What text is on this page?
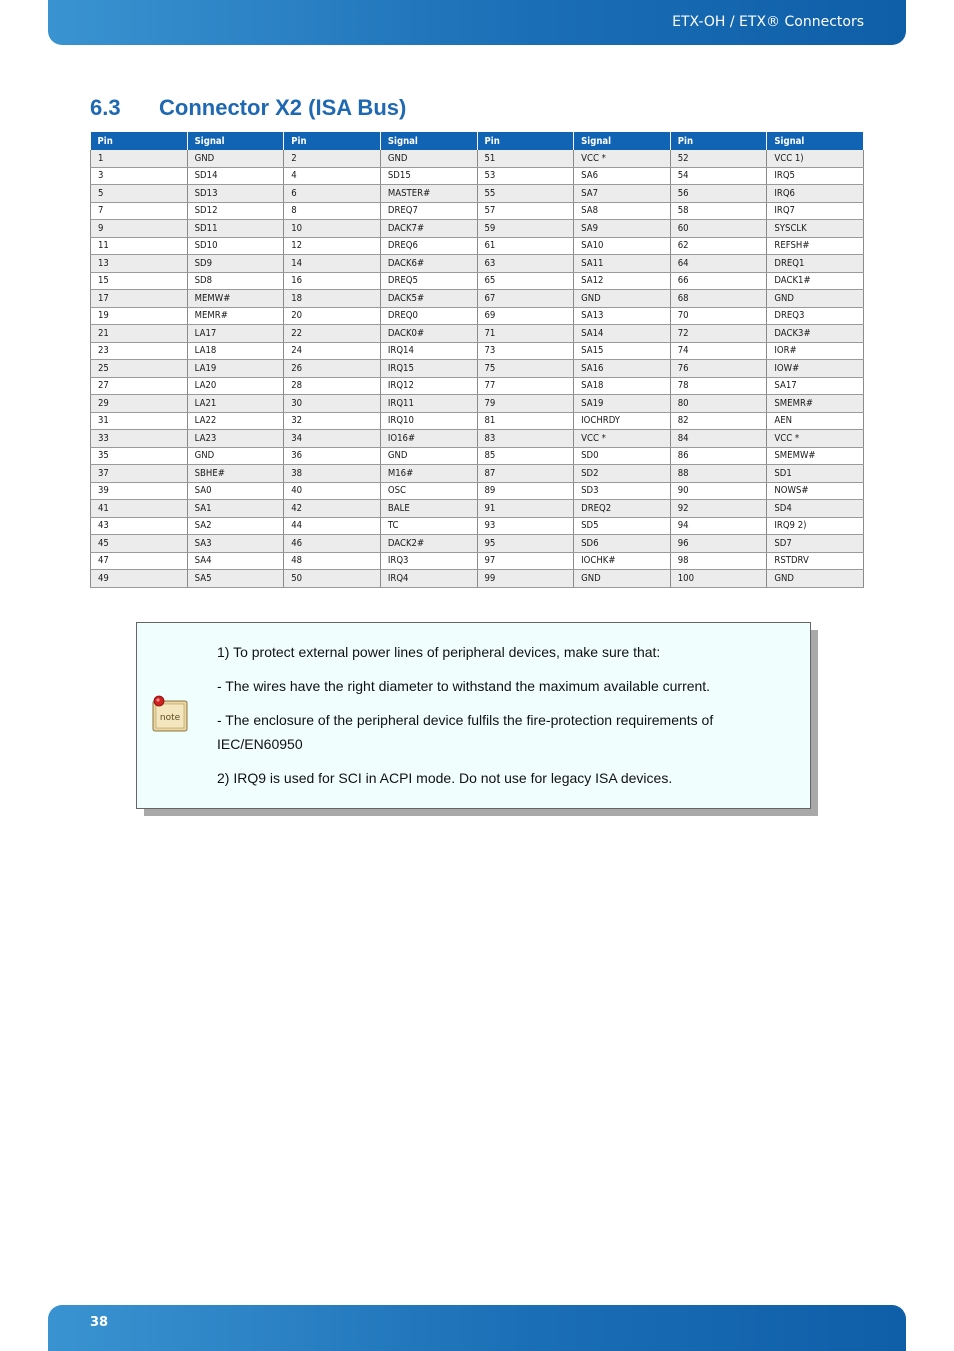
ETX-OH / ETX® Connectors
6.3 Connector X2 (ISA Bus)
Pin	Signal	Pin	Signal	Pin	Signal	Pin	Signal
1	GND	2	GND	51	VCC *	52	VCC 1)
3	SD14	4	SD15	53	SA6	54	IRQ5
5	SD13	6	MASTER#	55	SA7	56	IRQ6
7	SD12	8	DREQ7	57	SA8	58	IRQ7
9	SD11	10	DACK7#	59	SA9	60	SYSCLK
11	SD10	12	DREQ6	61	SA10	62	REFSH#
13	SD9	14	DACK6#	63	SA11	64	DREQ1
15	SD8	16	DREQ5	65	SA12	66	DACK1#
17	MEMW#	18	DACK5#	67	GND	68	GND
19	MEMR#	20	DREQ0	69	SA13	70	DREQ3
21	LA17	22	DACK0#	71	SA14	72	DACK3#
23	LA18	24	IRQ14	73	SA15	74	IOR#
25	LA19	26	IRQ15	75	SA16	76	IOW#
27	LA20	28	IRQ12	77	SA18	78	SA17
29	LA21	30	IRQ11	79	SA19	80	SMEMR#
31	LA22	32	IRQ10	81	IOCHRDY	82	AEN
33	LA23	34	IO16#	83	VCC *	84	VCC *
35	GND	36	GND	85	SD0	86	SMEMW#
37	SBHE#	38	M16#	87	SD2	88	SD1
39	SA0	40	OSC	89	SD3	90	NOWS#
41	SA1	42	BALE	91	DREQ2	92	SD4
43	SA2	44	TC	93	SD5	94	IRQ9 2)
45	SA3	46	DACK2#	95	SD6	96	SD7
47	SA4	48	IRQ3	97	IOCHK#	98	RSTDRV
49	SA5	50	IRQ4	99	GND	100	GND
note

1) To protect external power lines of peripheral devices, make sure that:

- The wires have the right diameter to withstand the maximum available current.

- The enclosure of the peripheral device fulfils the fire-protection requirements of IEC/EN60950

2) IRQ9 is used for SCI in ACPI mode. Do not use for legacy ISA devices.

38
